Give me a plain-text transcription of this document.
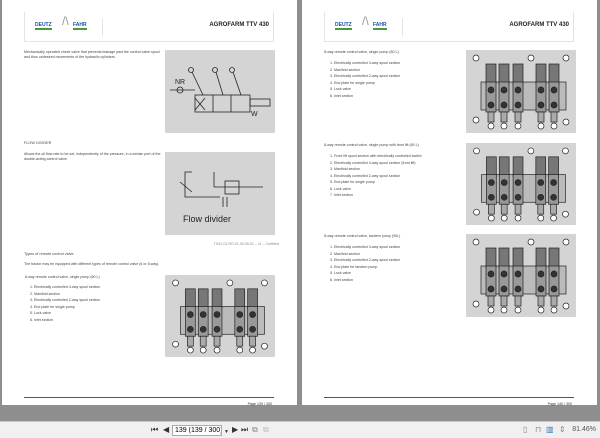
DEUTZ /\ FAHR	AGROFARM TTV 430
Mechanically operated check valve that prevents leakage past the control valve spool and thus undesired movements of the hydraulic cylinders.
NR
W
FLOW DIVIDER
Allows the oil flow rate to be set, independently of the pressure, in a certain port of the double-acting control valve.
Flow divider
TH12.01.RO.01.00.00.01 – v1 – Certified
Types of remote control valve
The tractor may be equipped with different types of remote control valve (6 or 8-way).
6-way remote control valve, single pump (60 L)
1. Electrically controlled 4-way spool section
2. Manifold section
3. Electrically controlled 2-way spool section
4. End plate for single pump
5. Lock valve
6. Inlet section
Page 139 / 300
DEUTZ /\ FAHR	AGROFARM TTV 430
8-way remote control valve, single pump (60 L)
1. Electrically controlled 4-way spool section
2. Manifold section
3. Electrically controlled 2-way spool section
4. End plate for single pump
5. Lock valve
6. Inlet section
8-way remote control valve, single pump with front lift (60 L)
1. Front lift spool section with electrically controlled switch
2. Electrically controlled 4-way spool section (front lift)
3. Manifold section
4. Electrically controlled 2-way spool section
5. End plate for single pump
6. Lock valve
7. Inlet section
8-way remote control valve, tandem pump (90L)
1. Electrically controlled 4-way spool section
2. Manifold section
3. Electrically controlled 2-way spool section
4. End plate for tandem pump
5. Lock valve
6. Inlet section
Page 140 / 300
⏮ ◀
139 (139 / 300)	▼ ▶ ⏭ ⧉ ⧉	▯ ⊓ ▥ ⇕ 81.46%
